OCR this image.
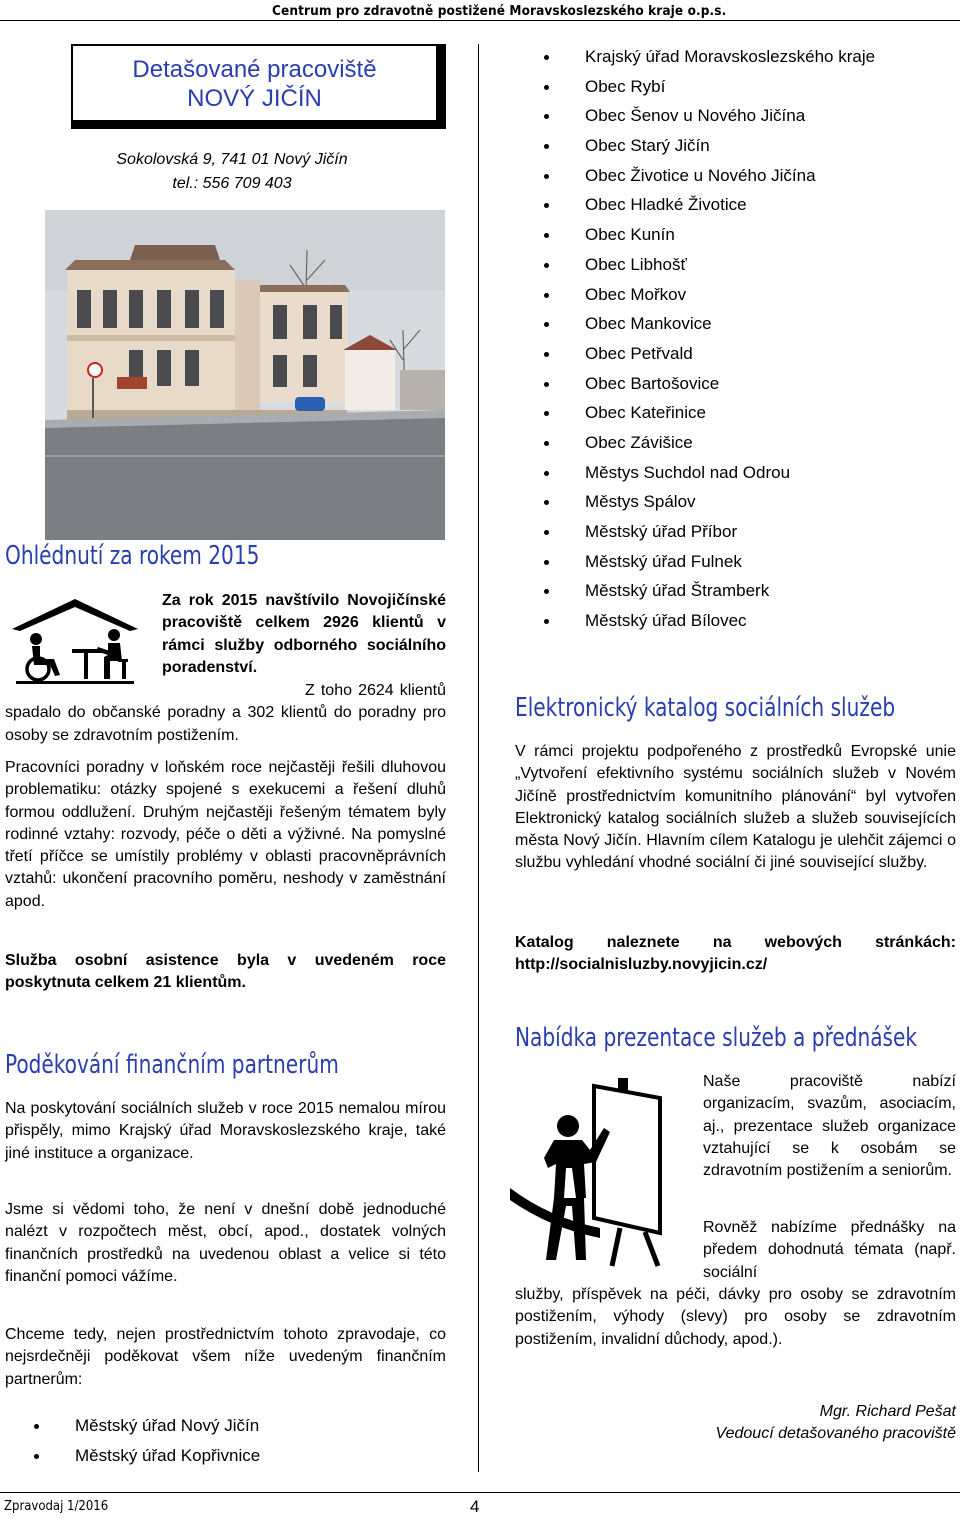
Centrum pro zdravotně postižené Moravskoslezského kraje o.p.s.
Detašované pracoviště
NOVÝ JIČÍN
Sokolovská 9, 741 01 Nový Jičín
tel.: 556 709 403
Ohlédnutí za rokem 2015
Za rok 2015 navštívilo Novojičínské pracoviště celkem 2926 klientů v rámci služby odborného sociálního poradenství.
Z toho 2624 klientů spadalo do občanské poradny a 302 klientů do poradny pro osoby se zdravotním postižením.
Pracovníci poradny v loňském roce nejčastěji řešili dluhovou problematiku: otázky spojené s exekucemi a řešení dluhů formou oddlužení. Druhým nejčastěji řešeným tématem byly rodinné vztahy: rozvody, péče o děti a výživné. Na pomyslné třetí příčce se umístily problémy v oblasti pracovněprávních vztahů: ukončení pracovního poměru, neshody v zaměstnání apod.
Služba osobní asistence byla v uvedeném roce poskytnuta celkem 21 klientům.
Poděkování finančním partnerům
Na poskytování sociálních služeb v roce 2015 nemalou mírou přispěly, mimo Krajský úřad Moravskoslezského kraje, také jiné instituce a organizace.
Jsme si vědomi toho, že není v dnešní době jednoduché nalézt v rozpočtech měst, obcí, apod., dostatek volných finančních prostředků na uvedenou oblast a velice si této finanční pomoci vážíme.
Chceme tedy, nejen prostřednictvím tohoto zpravodaje, co nejsrdečněji poděkovat všem níže uvedeným finančním partnerům:
Městský úřad Nový Jičín
Městský úřad Kopřivnice
Krajský úřad Moravskoslezského kraje
Obec Rybí
Obec Šenov u Nového Jičína
Obec Starý Jičín
Obec Životice u Nového Jičína
Obec Hladké Životice
Obec Kunín
Obec Libhošť
Obec Mořkov
Obec Mankovice
Obec Petřvald
Obec Bartošovice
Obec Kateřinice
Obec Závišice
Městys Suchdol nad Odrou
Městys Spálov
Městský úřad Příbor
Městský úřad Fulnek
Městský úřad Štramberk
Městský úřad Bílovec
Elektronický katalog sociálních služeb
V rámci projektu podpořeného z prostředků Evropské unie „Vytvoření efektivního systému sociálních služeb v Novém Jičíně prostřednictvím komunitního plánování“ byl vytvořen Elektronický katalog sociálních služeb a služeb souvisejících města Nový Jičín. Hlavním cílem Katalogu je ulehčit zájemci o službu vyhledání vhodné sociální či jiné související služby.
Katalog naleznete na webových stránkách: http://socialnisluzby.novyjicin.cz/
Nabídka prezentace služeb a přednášek
Naše pracoviště nabízí organizacím, svazům, asociacím, aj., prezentace služeb organizace vztahující se k osobám se zdravotním postižením a seniorům.
Rovněž nabízíme přednášky na předem dohodnutá témata (např. sociální
služby, příspěvek na péči, dávky pro osoby se zdravotním postižením, výhody (slevy) pro osoby se zdravotním postižením, invalidní důchody, apod.).
Mgr. Richard Pešat
Vedoucí detašovaného pracoviště
Zpravodaj 1/2016	4
